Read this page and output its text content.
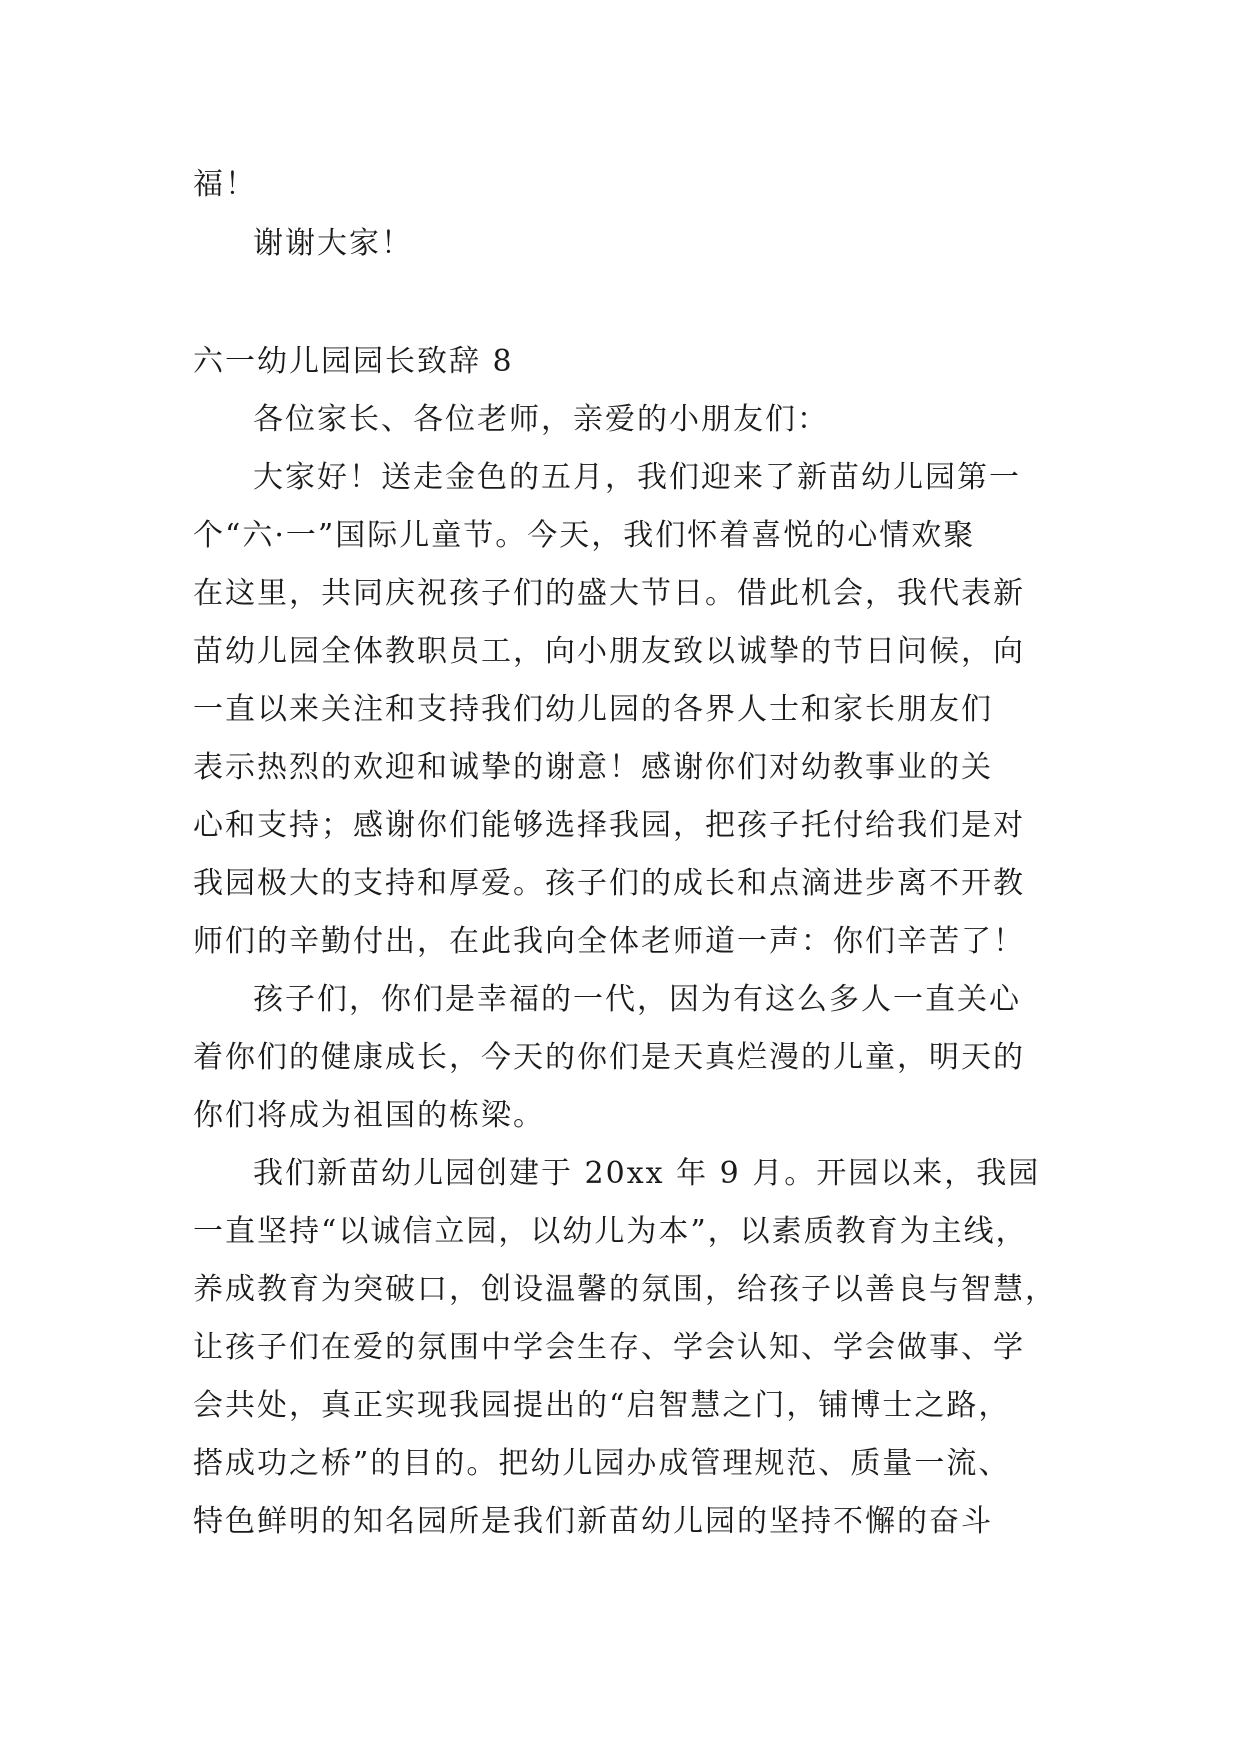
福！
谢谢大家！
六一幼儿园园长致辞 8
各位家长、各位老师，亲爱的小朋友们：
大家好！送走金色的五月，我们迎来了新苗幼儿园第一
个“六·一”国际儿童节。今天，我们怀着喜悦的心情欢聚
在这里，共同庆祝孩子们的盛大节日。借此机会，我代表新
苗幼儿园全体教职员工，向小朋友致以诚挚的节日问候，向
一直以来关注和支持我们幼儿园的各界人士和家长朋友们
表示热烈的欢迎和诚挚的谢意！感谢你们对幼教事业的关
心和支持；感谢你们能够选择我园，把孩子托付给我们是对
我园极大的支持和厚爱。孩子们的成长和点滴进步离不开教
师们的辛勤付出，在此我向全体老师道一声：你们辛苦了！
孩子们，你们是幸福的一代，因为有这么多人一直关心
着你们的健康成长，今天的你们是天真烂漫的儿童，明天的
你们将成为祖国的栋梁。
我们新苗幼儿园创建于 20xx 年 9 月。开园以来，我园
一直坚持“以诚信立园，以幼儿为本”，以素质教育为主线，
养成教育为突破口，创设温馨的氛围，给孩子以善良与智慧，
让孩子们在爱的氛围中学会生存、学会认知、学会做事、学
会共处，真正实现我园提出的“启智慧之门，铺博士之路，
搭成功之桥”的目的。把幼儿园办成管理规范、质量一流、
特色鲜明的知名园所是我们新苗幼儿园的坚持不懈的奋斗
